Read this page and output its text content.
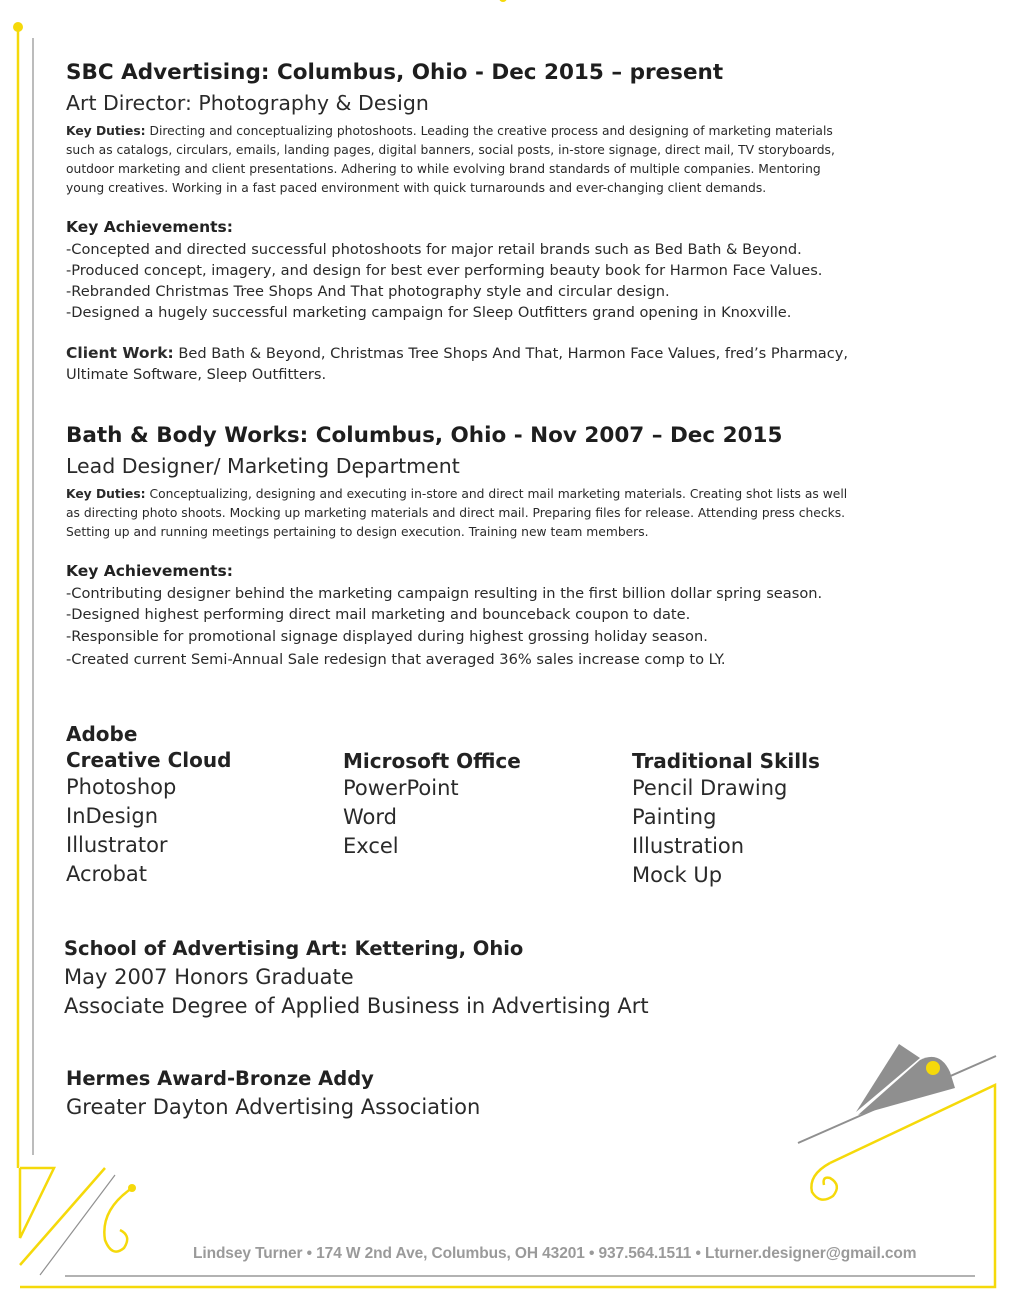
SBC Advertising: Columbus, Ohio - Dec 2015 – present
Art Director: Photography & Design
Key Duties: Directing and conceptualizing photoshoots. Leading the creative process and designing of marketing materials
such as catalogs, circulars, emails, landing pages, digital banners, social posts, in-store signage, direct mail, TV storyboards,
outdoor marketing and client presentations. Adhering to while evolving brand standards of multiple companies. Mentoring
young creatives. Working in a fast paced environment with quick turnarounds and ever-changing client demands.
Key Achievements:
-Concepted and directed successful photoshoots for major retail brands such as Bed Bath & Beyond.
-Produced concept, imagery, and design for best ever performing beauty book for Harmon Face Values.
-Rebranded Christmas Tree Shops And That photography style and circular design.
-Designed a hugely successful marketing campaign for Sleep Outfitters grand opening in Knoxville.
Client Work: Bed Bath & Beyond, Christmas Tree Shops And That, Harmon Face Values, fred’s Pharmacy,
Ultimate Software, Sleep Outfitters.
Bath & Body Works: Columbus, Ohio - Nov 2007 – Dec 2015
Lead Designer/ Marketing Department
Key Duties: Conceptualizing, designing and executing in-store and direct mail marketing materials. Creating shot lists as well
as directing photo shoots. Mocking up marketing materials and direct mail. Preparing files for release. Attending press checks.
Setting up and running meetings pertaining to design execution. Training new team members.
Key Achievements:
-Contributing designer behind the marketing campaign resulting in the first billion dollar spring season.
-Designed highest performing direct mail marketing and bounceback coupon to date.
-Responsible for promotional signage displayed during highest grossing holiday season.
-Created current Semi-Annual Sale redesign that averaged 36% sales increase comp to LY.
Adobe
Creative Cloud
Photoshop
InDesign
Illustrator
Acrobat
Microsoft Office
PowerPoint
Word
Excel
Traditional Skills
Pencil Drawing
Painting
Illustration
Mock Up
School of Advertising Art: Kettering, Ohio
May 2007 Honors Graduate
Associate Degree of Applied Business in Advertising Art
Hermes Award-Bronze Addy
Greater Dayton Advertising Association
Lindsey Turner • 174 W 2nd Ave, Columbus, OH 43201 • 937.564.1511 • Lturner.designer@gmail.com
